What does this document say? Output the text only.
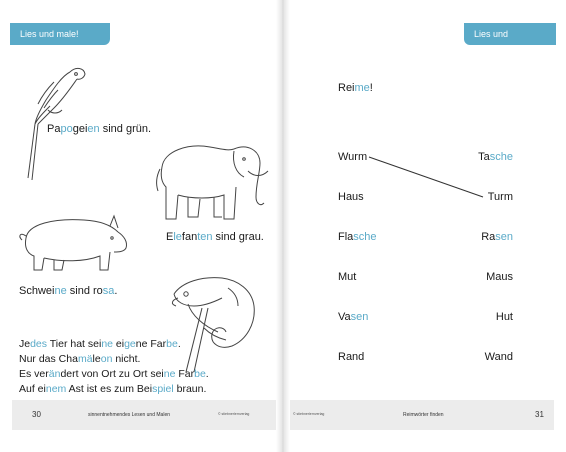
Lies und male!	Lies und verbinde!
Papogeien sind grün.
Elefanten sind grau.
Schweine sind rosa.
Jedes Tier hat seine eigene Farbe.
Nur das Chamäleon nicht.
Es verändert von Ort zu Ort seine Farbe.
Auf einem Ast ist es zum Beispiel braun.
Reime!
Wurm
Haus
Flasche
Mut
Vasen
Rand
Tasche
Turm
Rasen
Maus
Hut
Wand
30	sinnentnehmendes Lesen und Malen	© stiebnerlernverlag	© stiebnerlernverlag	Reimwörter finden	31
